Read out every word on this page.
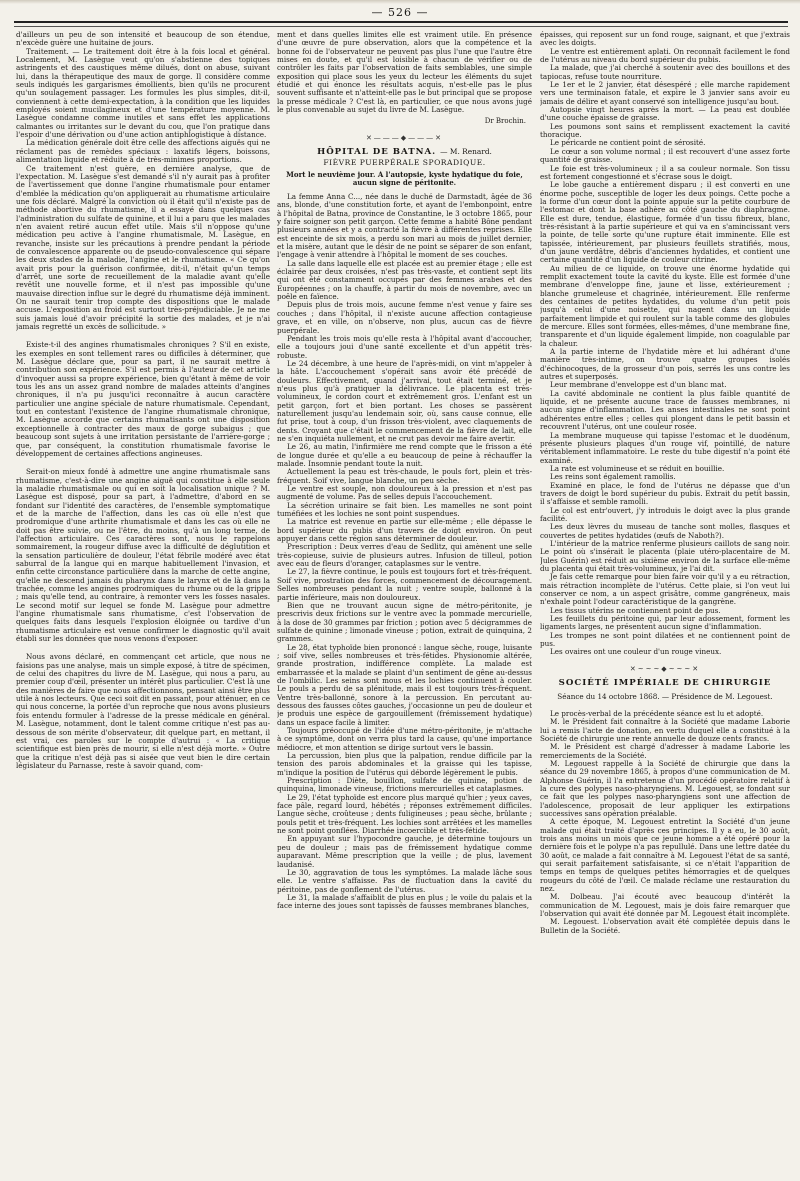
— 526 —

d'ailleurs un peu de son intensité et beaucoup de son étendue, n'excède guère une huitaine de jours.

Traitement. — Le traitement doit être à la fois local et général. Localement, M. Lasègue veut qu'on s'abstienne des topiques astringents et des caustiques même dilués, dont on abuse, suivant lui, dans la thérapeutique des maux de gorge. Il considère comme seuls indiqués les gargarismes émollients, bien qu'ils ne procurent qu'un soulagement passager. Les formules les plus simples, dit-il, conviennent à cette demi-expectation, à la condition que les liquides employés soient mucilagineux et d'une température moyenne. M. Lasègue condamne comme inutiles et sans effet les applications calmantes ou irritantes sur le devant du cou, que l'on pratique dans l'espoir d'une dérivation ou d'une action antiphlogistique à distance.

La médication générale doit être celle des affections aiguës qui ne réclament pas de remèdes spéciaux : laxatifs légers, boissons, alimentation liquide et réduite à de très-minimes proportions.

Ce traitement n'est guère, en dernière analyse, que de l'expectation. M. Lasègue s'est demandé s'il n'y aurait pas à profiter de l'avertissement que donne l'angine rhumatismale pour entamer d'emblée la médication qu'on appliquerait au rhumatisme articulaire une fois déclaré. Malgré la conviction où il était qu'il n'existe pas de méthode abortive du rhumatisme, il a essayé dans quelques cas l'administration du sulfate de quinine, et il lui a paru que les malades n'en avaient retiré aucun effet utile. Mais s'il n'oppose qu'une médication peu active à l'angine rhumatismale, M. Lasègue, en revanche, insiste sur les précautions à prendre pendant la période de convalescence apparente ou de pseudo-convalescence qui sépare les deux stades de la maladie, l'angine et le rhumatisme. « Ce qu'on avait pris pour la guérison confirmée, dit-il, n'était qu'un temps d'arrêt, une sorte de recueillement de la maladie avant qu'elle revêtît une nouvelle forme, et il n'est pas impossible qu'une mauvaise direction influe sur le degré du rhumatisme déjà imminent. On ne saurait tenir trop compte des dispositions que le malade accuse. L'exposition au froid est surtout très-préjudiciable. Je ne me suis jamais loué d'avoir précipité la sortie des malades, et je n'ai jamais regretté un excès de sollicitude. »

Existe-t-il des angines rhumatismales chroniques ? S'il en existe, les exemples en sont tellement rares ou difficiles à déterminer, que M. Lasègue déclare que, pour sa part, il ne saurait mettre à contribution son expérience. S'il est permis à l'auteur de cet article d'invoquer aussi sa propre expérience, bien qu'étant à même de voir tous les ans un assez grand nombre de malades atteints d'angines chroniques, il n'a pu jusqu'ici reconnaître à aucun caractère particulier une angine spéciale de nature rhumatismale. Cependant, tout en contestant l'existence de l'angine rhumatismale chronique, M. Lasègue accorde que certains rhumatisants ont une disposition exceptionnelle à contracter des maux de gorge subaigus ; que beaucoup sont sujets à une irritation persistante de l'arrière-gorge ; que, par conséquent, la constitution rhumatismale favorise le développement de certaines affections angineuses.

Serait-on mieux fondé à admettre une angine rhumatismale sans rhumatisme, c'est-à-dire une angine aiguë qui constitue à elle seule la maladie rhumatismale ou qui en soit la localisation unique ? M. Lasègue est disposé, pour sa part, à l'admettre, d'abord en se fondant sur l'identité des caractères, de l'ensemble symptomatique et de la marche de l'affection, dans les cas où elle n'est que prodromique d'une arthrite rhumatismale et dans les cas où elle ne doit pas être suivie, ou ne l'être, du moins, qu'à un long terme, de l'affection articulaire. Ces caractères sont, nous le rappelons sommairement, la rougeur diffuse avec la difficulté de déglutition et la sensation particulière de douleur, l'état fébrile modéré avec état saburral de la langue qui en marque habituellement l'invasion, et enfin cette circonstance particulière dans la marche de cette angine, qu'elle ne descend jamais du pharynx dans le larynx et de là dans la trachée, comme les angines prodromiques du rhume ou de la grippe ; mais qu'elle tend, au contraire, à remonter vers les fosses nasales. Le second motif sur lequel se fonde M. Lasègue pour admettre l'angine rhumatismale sans rhumatisme, c'est l'observation de quelques faits dans lesquels l'explosion éloignée ou tardive d'un rhumatisme articulaire est venue confirmer le diagnostic qu'il avait établi sur les données que nous venons d'exposer.

Nous avons déclaré, en commençant cet article, que nous ne faisions pas une analyse, mais un simple exposé, à titre de spécimen, de celui des chapitres du livre de M. Lasègue, qui nous a paru, au premier coup d'œil, présenter un intérêt plus particulier. C'est là une des manières de faire que nous affectionnons, pensant ainsi être plus utile à nos lecteurs. Que ceci soit dit en passant, pour atténuer, en ce qui nous concerne, la portée d'un reproche que nous avons plusieurs fois entendu formuler à l'adresse de la presse médicale en général. M. Lasègue, notamment, dont le talent comme critique n'est pas au-dessous de son mérite d'observateur, dit quelque part, en mettant, il est vrai, ces paroles sur le compte d'autrui : « La critique scientifique est bien près de mourir, si elle n'est déjà morte. » Outre que la critique n'est déjà pas si aisée que veut bien le dire certain législateur du Parnasse, reste à savoir quand, com-

ment et dans quelles limites elle est vraiment utile. En présence d'une œuvre de pure observation, alors que la compétence et la bonne foi de l'observateur ne peuvent pas plus l'une que l'autre être mises en doute, et qu'il est loisible à chacun de vérifier ou de contrôler les faits par l'observation de faits semblables, une simple exposition qui place sous les yeux du lecteur les éléments du sujet étudié et qui énonce les résultats acquis, n'est-elle pas le plus souvent suffisante et n'atteint-elle pas le but principal que se propose la presse médicale ? C'est là, en particulier, ce que nous avons jugé le plus convenable au sujet du livre de M. Lasègue.

Dr Brochin.
✕———◆———✕
HÔPITAL DE BATNA. — M. Renard.
FIÈVRE PUERPÉRALE SPORADIQUE.
Mort le neuvième jour. A l'autopsie, kyste hydatique du foie, aucun signe de péritonite.

La femme Anna C..., née dans le duché de Darmstadt, âgée de 36 ans, blonde, d'une constitution forte, et ayant de l'embonpoint, entre à l'hôpital de Batna, province de Constantine, le 3 octobre 1865, pour y faire soigner son petit garçon. Cette femme a habité Bône pendant plusieurs années et y a contracté la fièvre à différentes reprises. Elle est enceinte de six mois, a perdu son mari au mois de juillet dernier, et la misère, autant que le désir de ne point se séparer de son enfant, l'engage à venir attendre à l'hôpital le moment de ses couches.

La salle dans laquelle elle est placée est au premier étage ; elle est éclairée par deux croisées, n'est pas très-vaste, et contient sept lits qui ont été constamment occupés par des femmes arabes et des Européennes ; on la chauffe, à partir du mois de novembre, avec un poêle en faïence.

Depuis plus de trois mois, aucune femme n'est venue y faire ses couches ; dans l'hôpital, il n'existe aucune affection contagieuse grave, et en ville, on n'observe, non plus, aucun cas de fièvre puerpérale.

Pendant les trois mois qu'elle resta à l'hôpital avant d'accoucher, elle a toujours joui d'une santé excellente et d'un appétit très-robuste.

Le 24 décembre, à une heure de l'après-midi, on vint m'appeler à la hâte. L'accouchement s'opérait sans avoir été précédé de douleurs. Effectivement, quand j'arrivai, tout était terminé, et je n'eus plus qu'à pratiquer la délivrance. Le placenta est très-volumineux, le cordon court et extrêmement gros. L'enfant est un petit garçon, fort et bien portant. Les choses se passèrent naturellement jusqu'au lendemain soir, où, sans cause connue, elle fut prise, tout à coup, d'un frisson très-violent, avec claquements de dents. Croyant que c'était le commencement de la fièvre de lait, elle ne s'en inquiéta nullement, et ne crut pas devoir me faire avertir.

Le 26, au matin, l'infirmière me rend compte que le frisson a été de longue durée et qu'elle a eu beaucoup de peine à réchauffer la malade. Insomnie pendant toute la nuit.

Actuellement la peau est très-chaude, le pouls fort, plein et très-fréquent. Soif vive, langue blanche, un peu sèche.

Le ventre est souple, non douloureux à la pression et n'est pas augmenté de volume. Pas de selles depuis l'accouchement.

La sécrétion urinaire se fait bien. Les mamelles ne sont point tuméfiées et les lochies ne sont point suspendues.

La matrice est revenue en partie sur elle-même ; elle dépasse le bord supérieur du pubis d'un travers de doigt environ. On peut appuyer dans cette région sans déterminer de douleur.

Prescription : Deux verres d'eau de Sedlitz, qui amènent une selle très-copieuse, suivie de plusieurs autres. Infusion de tilleul, potion avec eau de fleurs d'oranger, cataplasmes sur le ventre.

Le 27, la fièvre continue, le pouls est toujours fort et très-fréquent. Soif vive, prostration des forces, commencement de découragement. Selles nombreuses pendant la nuit ; ventre souple, ballonné à la partie inférieure, mais non douloureux.

Bien que ne trouvant aucun signe de métro-péritonite, je prescrivis deux frictions sur le ventre avec la pommade mercurielle, à la dose de 30 grammes par friction ; potion avec 5 décigrammes de sulfate de quinine ; limonade vineuse ; potion, extrait de quinquina, 2 grammes.

Le 28, état typhoïde bien prononcé : langue sèche, rouge, luisante ; soif vive, selles nombreuses et très-fétides. Physionomie altérée, grande prostration, indifférence complète. La malade est embarrassée et la malade se plaint d'un sentiment de gêne au-dessus de l'ombilic. Les seins sont mous et les lochies continuent à couler. Le pouls a perdu de sa plénitude, mais il est toujours très-fréquent. Ventre très-ballonné, sonore à la percussion. En percutant au-dessous des fausses côtes gauches, j'occasionne un peu de douleur et je produis une espèce de gargouillement (frémissement hydatique) dans un espace facile à limiter.

Toujours préoccupé de l'idée d'une métro-péritonite, je m'attache à ce symptôme, dont on verra plus tard la cause, qu'une importance médiocre, et mon attention se dirige surtout vers le bassin.

La percussion, bien plus que la palpation, rendue difficile par la tension des parois abdominales et la graisse qui les tapisse, m'indique la position de l'utérus qui déborde légèrement le pubis.

Prescription : Diète, bouillon, sulfate de quinine, potion de quinquina, limonade vineuse, frictions mercurielles et cataplasmes.

Le 29, l'état typhoïde est encore plus marqué qu'hier ; yeux caves, face pâle, regard lourd, hébétés ; réponses extrêmement difficiles. Langue sèche, croûteuse ; dents fuligineuses ; peau sèche, brûlante ; pouls petit et très-fréquent. Les lochies sont arrêtées et les mamelles ne sont point gonflées. Diarrhée incoercible et très-fétide.

En appuyant sur l'hypocondre gauche, je détermine toujours un peu de douleur ; mais pas de frémissement hydatique comme auparavant. Même prescription que la veille ; de plus, lavement laudanisé.

Le 30, aggravation de tous les symptômes. La malade lâche sous elle. Le ventre s'affaisse. Pas de fluctuation dans la cavité du péritoine, pas de gonflement de l'utérus.

Le 31, la malade s'affaiblit de plus en plus ; le voile du palais et la face interne des joues sont tapissés de fausses membranes blanches,

épaisses, qui reposent sur un fond rouge, saignant, et que j'extrais avec les doigts.

Le ventre est entièrement aplati. On reconnaît facilement le fond de l'utérus au niveau du bord supérieur du pubis.

La malade, que j'ai cherché à soutenir avec des bouillons et des tapiocas, refuse toute nourriture.

Le 1er et le 2 janvier, état désespéré ; elle marche rapidement vers une terminaison fatale, et expire le 3 janvier sans avoir eu jamais de délire et ayant conservé son intelligence jusqu'au bout.

Autopsie vingt heures après la mort. — La peau est doublée d'une couche épaisse de graisse.

Les poumons sont sains et remplissent exactement la cavité thoracique.

Le péricarde ne contient point de sérosité.

Le cœur a son volume normal ; il est recouvert d'une assez forte quantité de graisse.

Le foie est très-volumineux ; il a sa couleur normale. Son tissu est fortement congestionné et s'écrase sous le doigt.

Le lobe gauche a entièrement disparu ; il est converti en une énorme poche, susceptible de loger les deux poings. Cette poche a la forme d'un cœur dont la pointe appuie sur la petite courbure de l'estomac et dont la base adhère au côté gauche du diaphragme. Elle est dure, tendue, élastique, formée d'un tissu fibreux, blanc, très-résistant à la partie supérieure et qui va en s'amincissant vers la pointe, de telle sorte qu'une rupture était imminente. Elle est tapissée, intérieurement, par plusieurs feuillets stratifiés, mous, d'un jaune verdâtre, débris d'anciennes hydatides, et contient une certaine quantité d'un liquide de couleur citrine.

Au milieu de ce liquide, on trouve une énorme hydatide qui remplit exactement toute la cavité du kyste. Elle est formée d'une membrane d'enveloppe fine, jaune et lisse, extérieurement ; blanche grumeleuse et chagrinée, intérieurement. Elle renferme des centaines de petites hydatides, du volume d'un petit pois jusqu'à celui d'une noisette, qui nagent dans un liquide parfaitement limpide et qui roulent sur la table comme des globules de mercure. Elles sont formées, elles-mêmes, d'une membrane fine, transparente et d'un liquide également limpide, non coagulable par la chaleur.

A la partie interne de l'hydatide mère et lui adhérant d'une manière très-intime, on trouve quatre groupes isolés d'échinocoques, de la grosseur d'un pois, serrés les uns contre les autres et superposés.

Leur membrane d'enveloppe est d'un blanc mat.

La cavité abdominale ne contient la plus faible quantité de liquide, et ne présente aucune trace de fausses membranes, ni aucun signe d'inflammation. Les anses intestinales ne sont point adhérentes entre elles ; celles qui plongent dans le petit bassin et recouvrent l'utérus, ont une couleur rosée.

La membrane muqueuse qui tapisse l'estomac et le duodénum, présente plusieurs plaques d'un rouge vif, pointillé, de nature véritablement inflammatoire. Le reste du tube digestif n'a point été examiné.

La rate est volumineuse et se réduit en bouillie.

Les reins sont également ramollis.

Examiné en place, le fond de l'utérus ne dépasse que d'un travers de doigt le bord supérieur du pubis. Extrait du petit bassin, il s'affaisse et semble ramolli.

Le col est entr'ouvert, j'y introduis le doigt avec la plus grande facilité.

Les deux lèvres du museau de tanche sont molles, flasques et couvertes de petites hydatides (œufs de Naboth?).

L'intérieur de la matrice renferme plusieurs caillots de sang noir. Le point où s'insérait le placenta (plaie utéro-placentaire de M. Jules Guérin) est réduit au sixième environ de la surface elle-même du placenta qui était très-volumineux, je l'ai dit.

Je fais cette remarque pour bien faire voir qu'il y a eu rétraction, mais rétraction incomplète de l'utérus. Cette plaie, si l'on veut lui conserver ce nom, a un aspect grisâtre, comme gangréneux, mais n'exhale point l'odeur caractéristique de la gangrène.

Les tissus utérins ne contiennent point de pus.

Les feuillets du péritoine qui, par leur adossement, forment les ligaments larges, ne présentent aucun signe d'inflammation.

Les trompes ne sont point dilatées et ne contiennent point de pus.

Les ovaires ont une couleur d'un rouge vineux.

✕~~~◆~~~✕
SOCIÉTÉ IMPÉRIALE DE CHIRURGIE
Séance du 14 octobre 1868. — Présidence de M. Legouest.

Le procès-verbal de la précédente séance est lu et adopté.

M. le Président fait connaître à la Société que madame Laborie lui a remis l'acte de donation, en vertu duquel elle a constitué à la Société de chirurgie une rente annuelle de douze cents francs.

M. le Président est chargé d'adresser à madame Laborie les remerciements de la Société.

M. Legouest rappelle à la Société de chirurgie que dans la séance du 29 novembre 1865, à propos d'une communication de M. Alphonse Guérin, il l'a entretenue d'un procédé opératoire relatif à la cure des polypes naso-pharyngiens. M. Legouest, se fondant sur ce fait que les polypes naso-pharyngiens sont une affection de l'adolescence, proposait de leur appliquer les extirpations successives sans opération préalable.

A cette époque, M. Legouest entretint la Société d'un jeune malade qui était traité d'après ces principes. Il y a eu, le 30 août, trois ans moins un mois que ce jeune homme a été opéré pour la dernière fois et le polype n'a pas repullulé. Dans une lettre datée du 30 août, ce malade a fait connaître à M. Legouest l'état de sa santé, qui serait parfaitement satisfaisante, si ce n'était l'apparition de temps en temps de quelques petites hémorragies et de quelques rougeurs du côté de l'œil. Ce malade réclame une restauration du nez.

M. Dolbeau. J'ai écouté avec beaucoup d'intérêt la communication de M. Legouest, mais je dois faire remarquer que l'observation qui avait été donnée par M. Legouest était incomplète.

M. Legouest. L'observation avait été complétée depuis dans le Bulletin de la Société.
